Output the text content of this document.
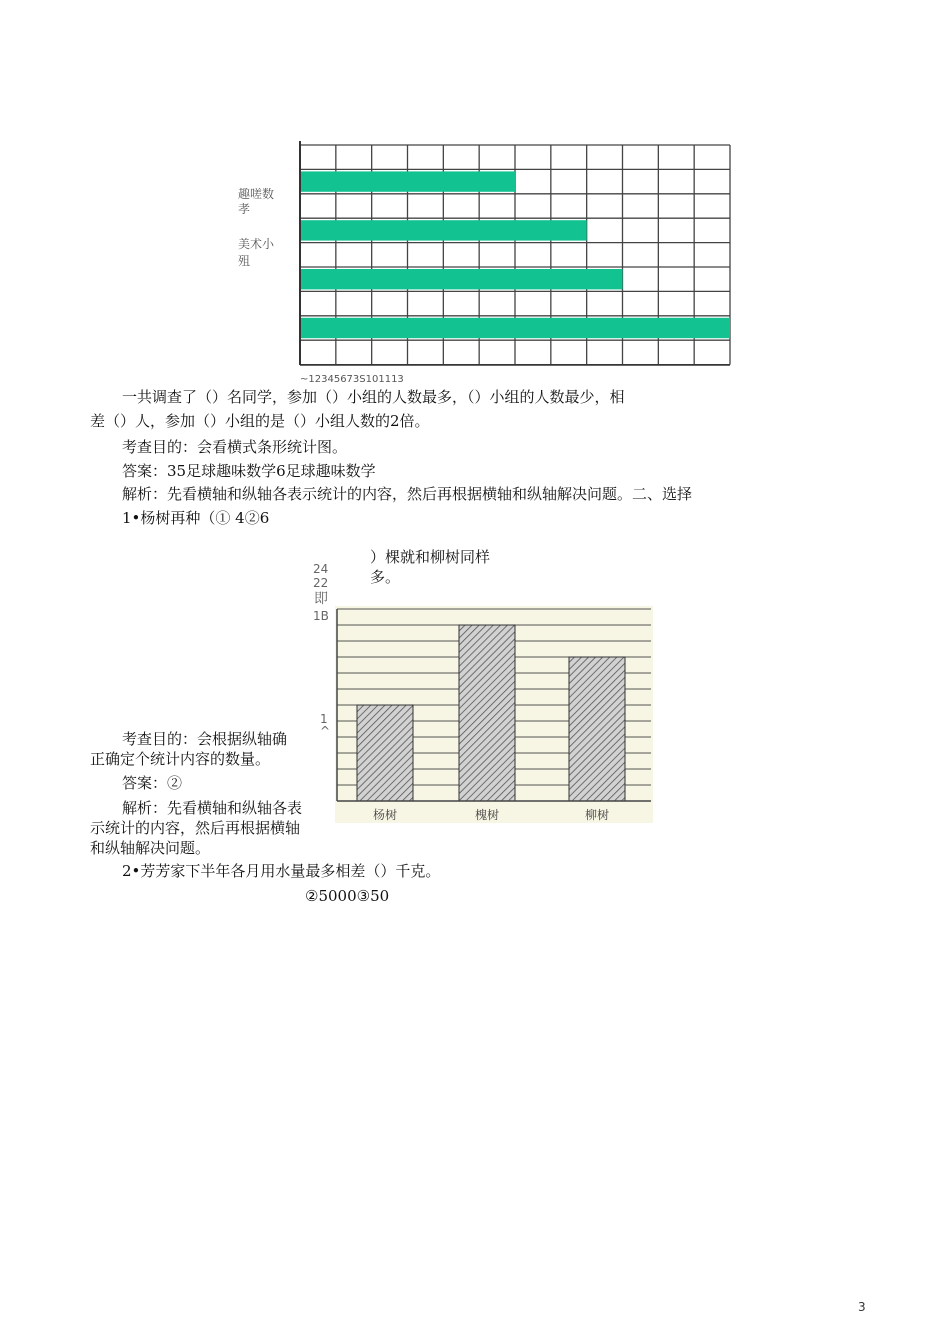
趣嗟数
孝
美术小
殂
~12345673S101113
一共调查了（）名同学，参加（）小组的人数最多，（）小组的人数最少，相
差（）人，参加（）小组的是（）小组人数的2倍。
考查目的：会看横式条形统计图。
答案：35足球趣味数学6足球趣味数学
解析：先看横轴和纵轴各表示统计的内容，然后再根据横轴和纵轴解决问题。二、选择
1•杨树再种（① 4②6
）棵就和柳树同样
多。
24
22
即
1B
1
^
杨树	槐树	柳树
考查目的：会根据纵轴确
正确定个统计内容的数量。
答案：②
解析：先看横轴和纵轴各表
示统计的内容，然后再根据横轴
和纵轴解决问题。
2•芳芳家下半年各月用水量最多相差（）千克。
②5000③50
3
